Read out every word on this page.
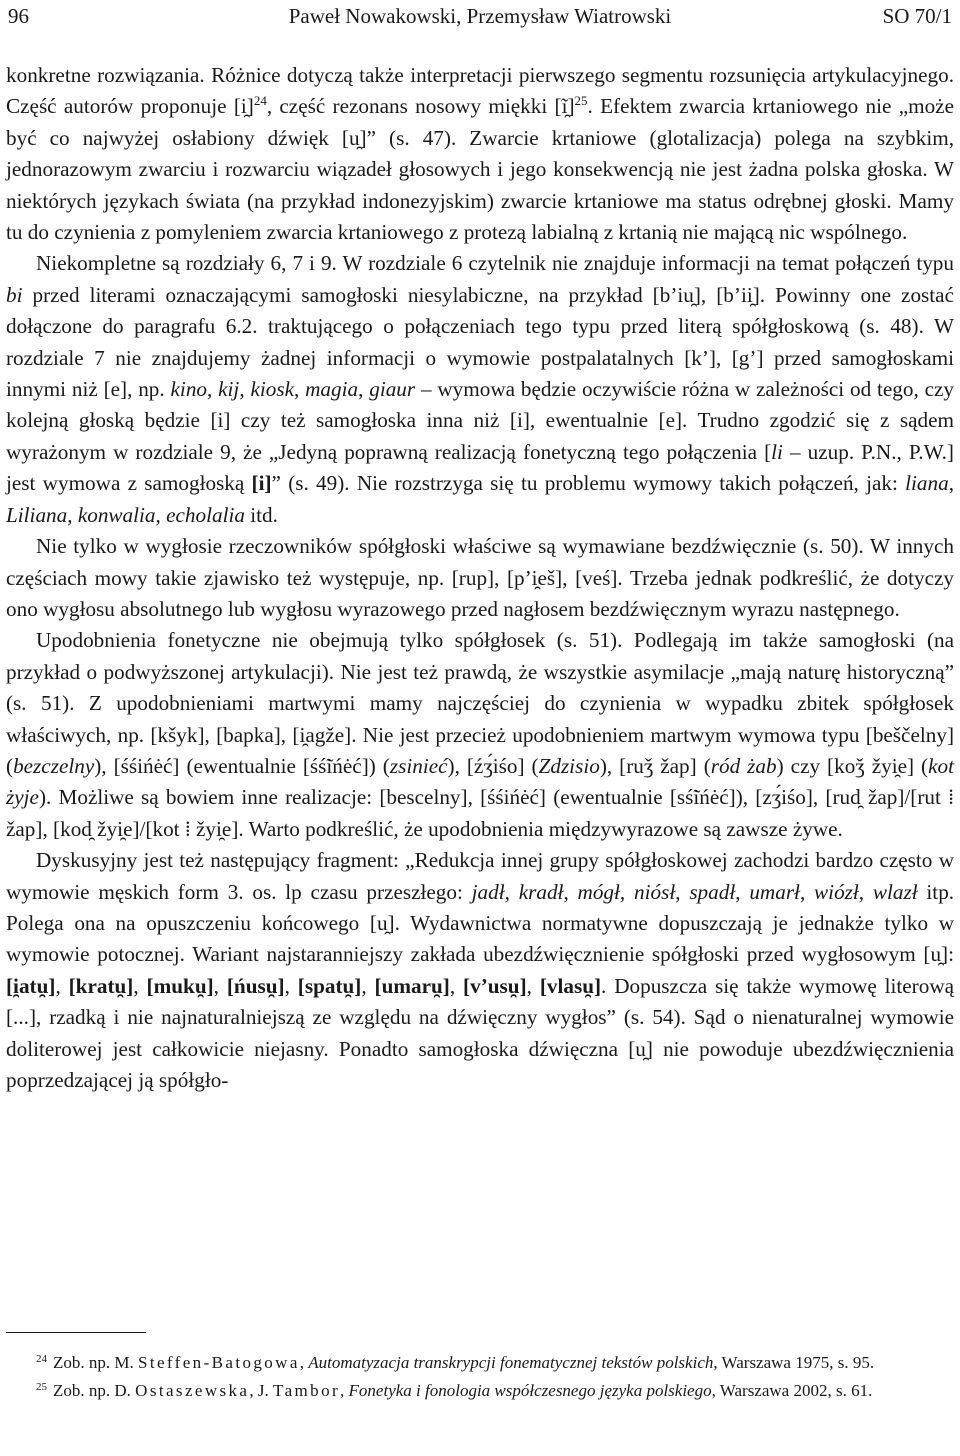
96	Paweł Nowakowski, Przemysław Wiatrowski	SO 70/1

konkretne rozwiązania. Różnice dotyczą także interpretacji pierwszego segmentu rozsunięcia artykulacyjnego. Część autorów proponuje [i̯]$^{24}$, część rezonans nosowy miękki [ĩ̯]$^{25}$. Efektem zwarcia krtaniowego nie „może być co najwyżej osłabiony dźwięk [u̯]” (s. 47). Zwarcie krtaniowe (glotalizacja) polega na szybkim, jednorazowym zwarciu i rozwarciu wiązadeł głosowych i jego konsekwencją nie jest żadna polska głoska. W niektórych językach świata (na przykład indonezyjskim) zwarcie krtaniowe ma status odrębnej głoski. Mamy tu do czynienia z pomyleniem zwarcia krtaniowego z protezą labialną z krtanią nie mającą nic wspólnego.

Niekompletne są rozdziały 6, 7 i 9. W rozdziale 6 czytelnik nie znajduje informacji na temat połączeń typu bi przed literami oznaczającymi samogłoski niesylabiczne, na przykład [b’iu̯], [b’ii̯]. Powinny one zostać dołączone do paragrafu 6.2. traktującego o połączeniach tego typu przed literą spółgłoskową (s. 48). W rozdziale 7 nie znajdujemy żadnej informacji o wymowie postpalatalnych [k’], [g’] przed samogłoskami innymi niż [e], np. kino, kij, kiosk, magia, giaur – wymowa będzie oczywiście różna w zależności od tego, czy kolejną głoską będzie [i] czy też samogłoska inna niż [i], ewentualnie [e]. Trudno zgodzić się z sądem wyrażonym w rozdziale 9, że „Jedyną poprawną realizacją fonetyczną tego połączenia [li – uzup. P.N., P.W.] jest wymowa z samogłoską [i]” (s. 49). Nie rozstrzyga się tu problemu wymowy takich połączeń, jak: liana, Liliana, konwalia, echolalia itd.

Nie tylko w wygłosie rzeczowników spółgłoski właściwe są wymawiane bezdźwięcznie (s. 50). W innych częściach mowy takie zjawisko też występuje, np. [rup], [p’i̯eš], [veś]. Trzeba jednak podkreślić, że dotyczy ono wygłosu absolutnego lub wygłosu wyrazowego przed nagłosem bezdźwięcznym wyrazu następnego.

Upodobnienia fonetyczne nie obejmują tylko spółgłosek (s. 51). Podlegają im także samogłoski (na przykład o podwyższonej artykulacji). Nie jest też prawdą, że wszystkie asymilacje „mają naturę historyczną” (s. 51). Z upodobnieniami martwymi mamy najczęściej do czynienia w wypadku zbitek spółgłosek właściwych, np. [kšyk], [bapka], [i̯agže]. Nie jest przecież upodobnieniem martwym wymowa typu [beščelny] (bezczelny), [śśińėć] (ewentualnie [śś̃ińėć]) (zsinieć), [źʒ́iśo] (Zdzisio), [ruǯ žap] (ród żab) czy [koǯ žyi̯e] (kot żyje). Możliwe są bowiem inne realizacje: [bescelny], [śśińėć] (ewentualnie [sś̃ińėć]), [zʒ́iśo], [rud̯ žap]/[rut ⁞ žap], [kod̯ žyi̯e]/[kot ⁞ žyi̯e]. Warto podkreślić, że upodobnienia międzywyrazowe są zawsze żywe.

Dyskusyjny jest też następujący fragment: „Redukcja innej grupy spółgłoskowej zachodzi bardzo często w wymowie męskich form 3. os. lp czasu przeszłego: jadł, kradł, mógł, niósł, spadł, umarł, wiózł, wlazł itp. Polega ona na opuszczeniu końcowego [u̯]. Wydawnictwa normatywne dopuszczają je jednakże tylko w wymowie potocznej. Wariant najstaranniejszy zakłada ubezdźwięcznienie spółgłoski przed wygłosowym [u̯]: [i̯atu̯], [kratu̯], [muku̯], [ńusu̯], [spatu̯], [umaru̯], [v’usu̯], [vlasu̯]. Dopuszcza się także wymowę literową [...], rzadką i nie najnaturalniejszą ze względu na dźwięczny wygłos” (s. 54). Sąd o nienaturalnej wymowie doliterowej jest całkowicie niejasny. Ponadto samogłoska dźwięczna [u̯] nie powoduje ubezdźwięcznienia poprzedzającej ją spółgło-

$^{24}$ Zob. np. M. Steffen-Batogowa, Automatyzacja transkrypcji fonematycznej tekstów polskich, Warszawa 1975, s. 95.

$^{25}$ Zob. np. D. Ostaszewska, J. Tambor, Fonetyka i fonologia współczesnego języka polskiego, Warszawa 2002, s. 61.
